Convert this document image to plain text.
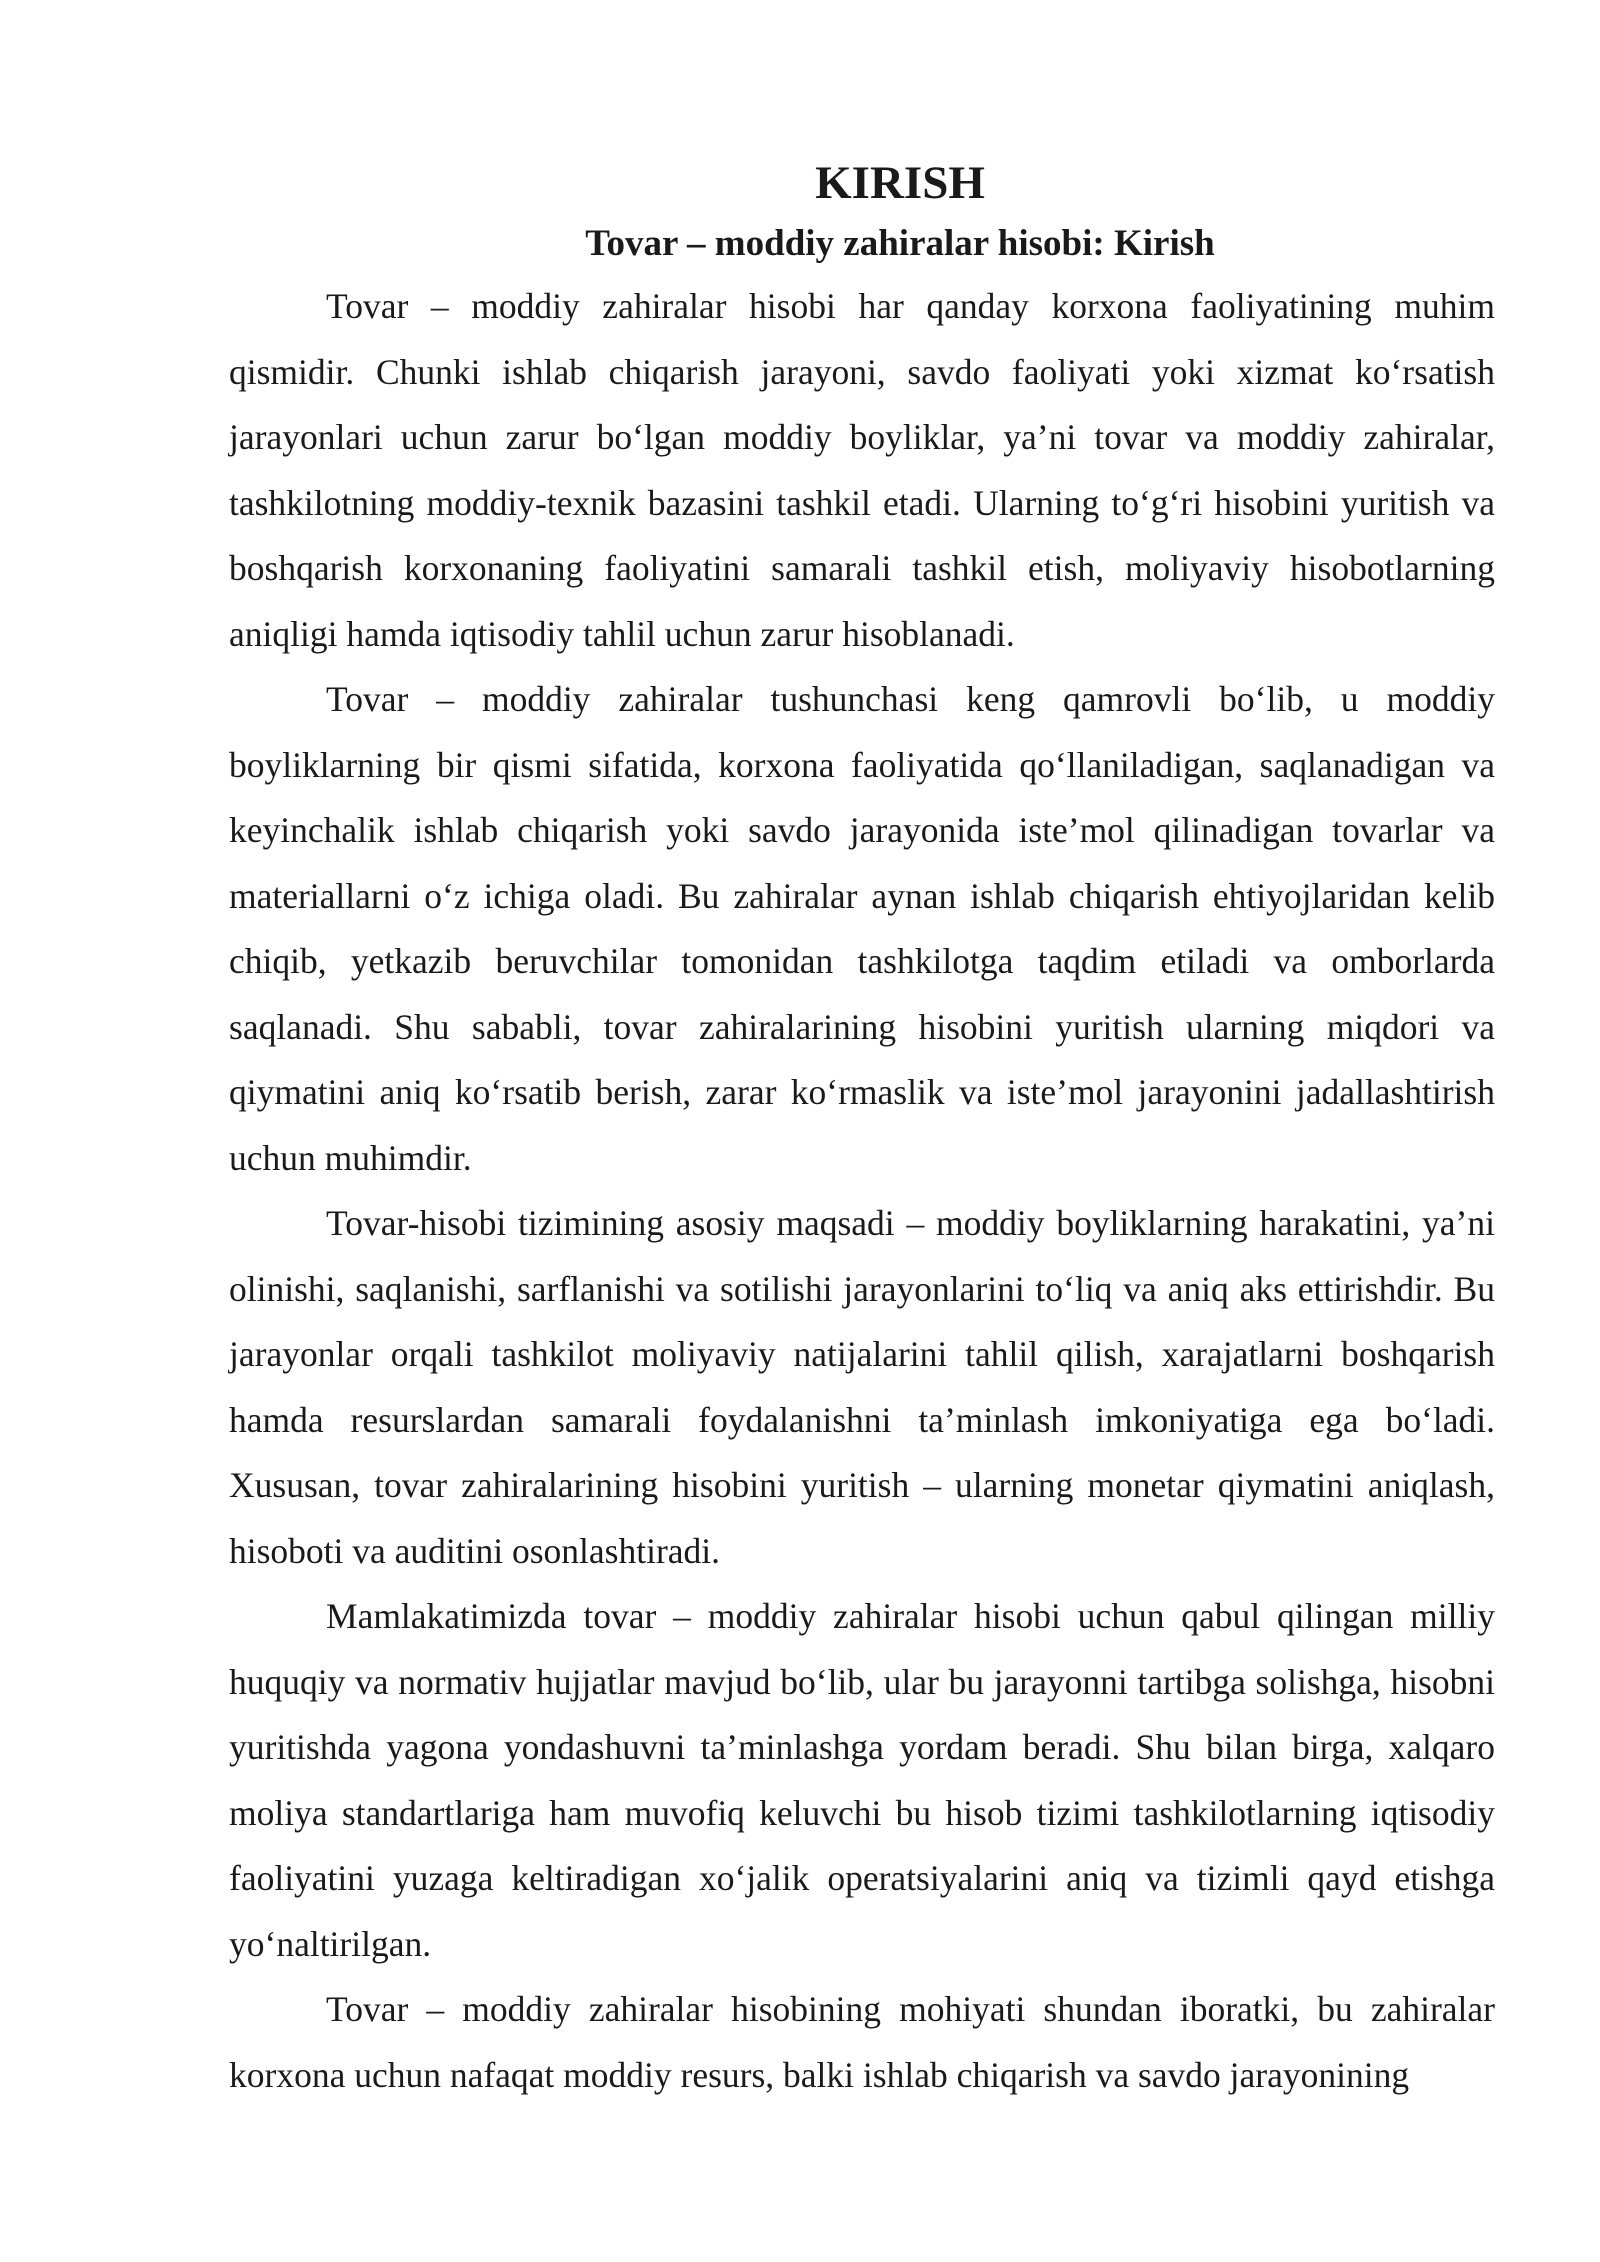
KIRISH
Tovar – moddiy zahiralar hisobi: Kirish

Tovar – moddiy zahiralar hisobi har qanday korxona faoliyatining muhim qismidir. Chunki ishlab chiqarish jarayoni, savdo faoliyati yoki xizmat ko‘rsatish jarayonlari uchun zarur bo‘lgan moddiy boyliklar, ya’ni tovar va moddiy zahiralar, tashkilotning moddiy-texnik bazasini tashkil etadi. Ularning to‘g‘ri hisobini yuritish va boshqarish korxonaning faoliyatini samarali tashkil etish, moliyaviy hisobotlarning aniqligi hamda iqtisodiy tahlil uchun zarur hisoblanadi.

Tovar – moddiy zahiralar tushunchasi keng qamrovli bo‘lib, u moddiy boyliklarning bir qismi sifatida, korxona faoliyatida qo‘llaniladigan, saqlanadigan va keyinchalik ishlab chiqarish yoki savdo jarayonida iste’mol qilinadigan tovarlar va materiallarni o‘z ichiga oladi. Bu zahiralar aynan ishlab chiqarish ehtiyojlaridan kelib chiqib, yetkazib beruvchilar tomonidan tashkilotga taqdim etiladi va omborlarda saqlanadi. Shu sababli, tovar zahiralarining hisobini yuritish ularning miqdori va qiymatini aniq ko‘rsatib berish, zarar ko‘rmaslik va iste’mol jarayonini jadallashtirish uchun muhimdir.

Tovar-hisobi tizimining asosiy maqsadi – moddiy boyliklarning harakatini, ya’ni olinishi, saqlanishi, sarflanishi va sotilishi jarayonlarini to‘liq va aniq aks ettirishdir. Bu jarayonlar orqali tashkilot moliyaviy natijalarini tahlil qilish, xarajatlarni boshqarish hamda resurslardan samarali foydalanishni ta’minlash imkoniyatiga ega bo‘ladi. Xususan, tovar zahiralarining hisobini yuritish – ularning monetar qiymatini aniqlash, hisoboti va auditini osonlashtiradi.

Mamlakatimizda tovar – moddiy zahiralar hisobi uchun qabul qilingan milliy huquqiy va normativ hujjatlar mavjud bo‘lib, ular bu jarayonni tartibga solishga, hisobni yuritishda yagona yondashuvni ta’minlashga yordam beradi. Shu bilan birga, xalqaro moliya standartlariga ham muvofiq keluvchi bu hisob tizimi tashkilotlarning iqtisodiy faoliyatini yuzaga keltiradigan xo‘jalik operatsiyalarini aniq va tizimli qayd etishga yo‘naltirilgan.

Tovar – moddiy zahiralar hisobining mohiyati shundan iboratki, bu zahiralar korxona uchun nafaqat moddiy resurs, balki ishlab chiqarish va savdo jarayonining
